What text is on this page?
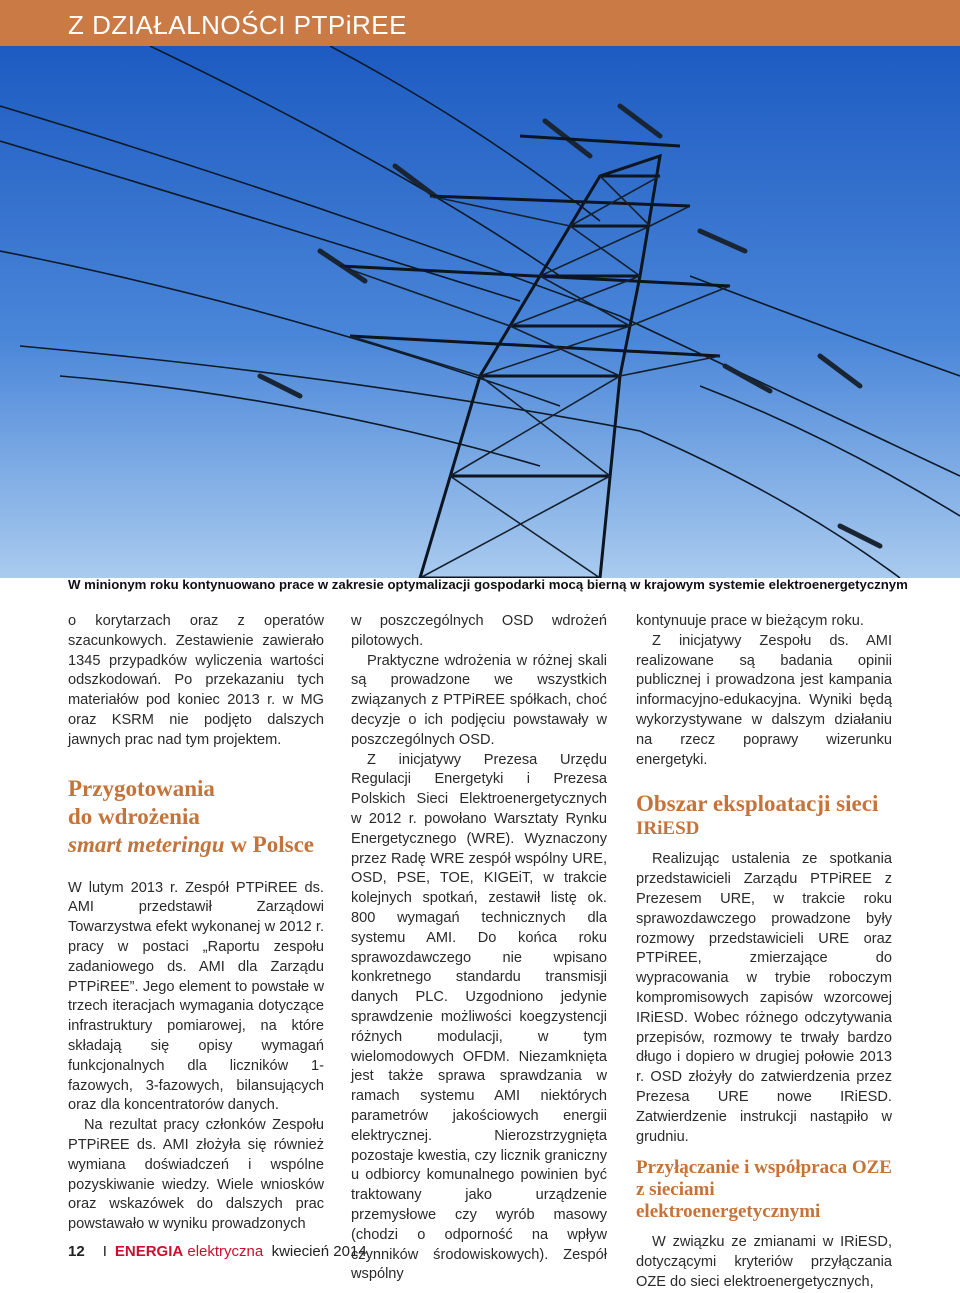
Z DZIAŁALNOŚCI PTPiREE
W minionym roku kontynuowano prace w zakresie optymalizacji gospodarki mocą bierną w krajowym systemie elektroenergetycznym

o korytarzach oraz z operatów szacunkowych. Zestawienie zawierało 1345 przypadków wyliczenia wartości odszkodowań. Po przekazaniu tych materiałów pod koniec 2013 r. w MG oraz KSRM nie podjęto dalszych jawnych prac nad tym projektem.

Przygotowania
do wdrożenia
smart meteringu w Polsce

W lutym 2013 r. Zespół PTPiREE ds. AMI przedstawił Zarządowi Towarzystwa efekt wykonanej w 2012 r. pracy w postaci „Raportu zespołu zadaniowego ds. AMI dla Zarządu PTPiREE”. Jego element to powstałe w trzech iteracjach wymagania dotyczące infrastruktury pomiarowej, na które składają się opisy wymagań funkcjonalnych dla liczników 1-fazowych, 3-fazowych, bilansujących oraz dla koncentratorów danych.

Na rezultat pracy członków Zespołu PTPiREE ds. AMI złożyła się również wymiana doświadczeń i wspólne pozyskiwanie wiedzy. Wiele wniosków oraz wskazówek do dalszych prac powstawało w wyniku prowadzonych

w poszczególnych OSD wdrożeń pilotowych.

Praktyczne wdrożenia w różnej skali są prowadzone we wszystkich związanych z PTPiREE spółkach, choć decyzje o ich podjęciu powstawały w poszczególnych OSD.

Z inicjatywy Prezesa Urzędu Regulacji Energetyki i Prezesa Polskich Sieci Elektroenergetycznych w 2012 r. powołano Warsztaty Rynku Energetycznego (WRE). Wyznaczony przez Radę WRE zespół wspólny URE, OSD, PSE, TOE, KIGEiT, w trakcie kolejnych spotkań, zestawił listę ok. 800 wymagań technicznych dla systemu AMI. Do końca roku sprawozdawczego nie wpisano konkretnego standardu transmisji danych PLC. Uzgodniono jedynie sprawdzenie możliwości koegzystencji różnych modulacji, w tym wielomodowych OFDM. Niezamknięta jest także sprawa sprawdzania w ramach systemu AMI niektórych parametrów jakościowych energii elektrycznej. Nierozstrzygnięta pozostaje kwestia, czy licznik graniczny u odbiorcy komunalnego powinien być traktowany jako urządzenie przemysłowe czy wyrób masowy (chodzi o odporność na wpływ czynników środowiskowych). Zespół wspólny

kontynuuje prace w bieżącym roku.

Z inicjatywy Zespołu ds. AMI realizowane są badania opinii publicznej i prowadzona jest kampania informacyjno-edukacyjna. Wyniki będą wykorzystywane w dalszym działaniu na rzecz poprawy wizerunku energetyki.

Obszar eksploatacji sieci
IRiESD

Realizując ustalenia ze spotkania przedstawicieli Zarządu PTPiREE z Prezesem URE, w trakcie roku sprawozdawczego prowadzone były rozmowy przedstawicieli URE oraz PTPiREE, zmierzające do wypracowania w trybie roboczym kompromisowych zapisów wzorcowej IRiESD. Wobec różnego odczytywania przepisów, rozmowy te trwały bardzo długo i dopiero w drugiej połowie 2013 r. OSD złożyły do zatwierdzenia przez Prezesa URE nowe IRiESD. Zatwierdzenie instrukcji nastąpiło w grudniu.

Przyłączanie i współpraca OZE
z sieciami elektroenergetycznymi

W związku ze zmianami w IRiESD, dotyczącymi kryteriów przyłączania OZE do sieci elektroenergetycznych,

12 I ENERGIA elektryczna kwiecień 2014
